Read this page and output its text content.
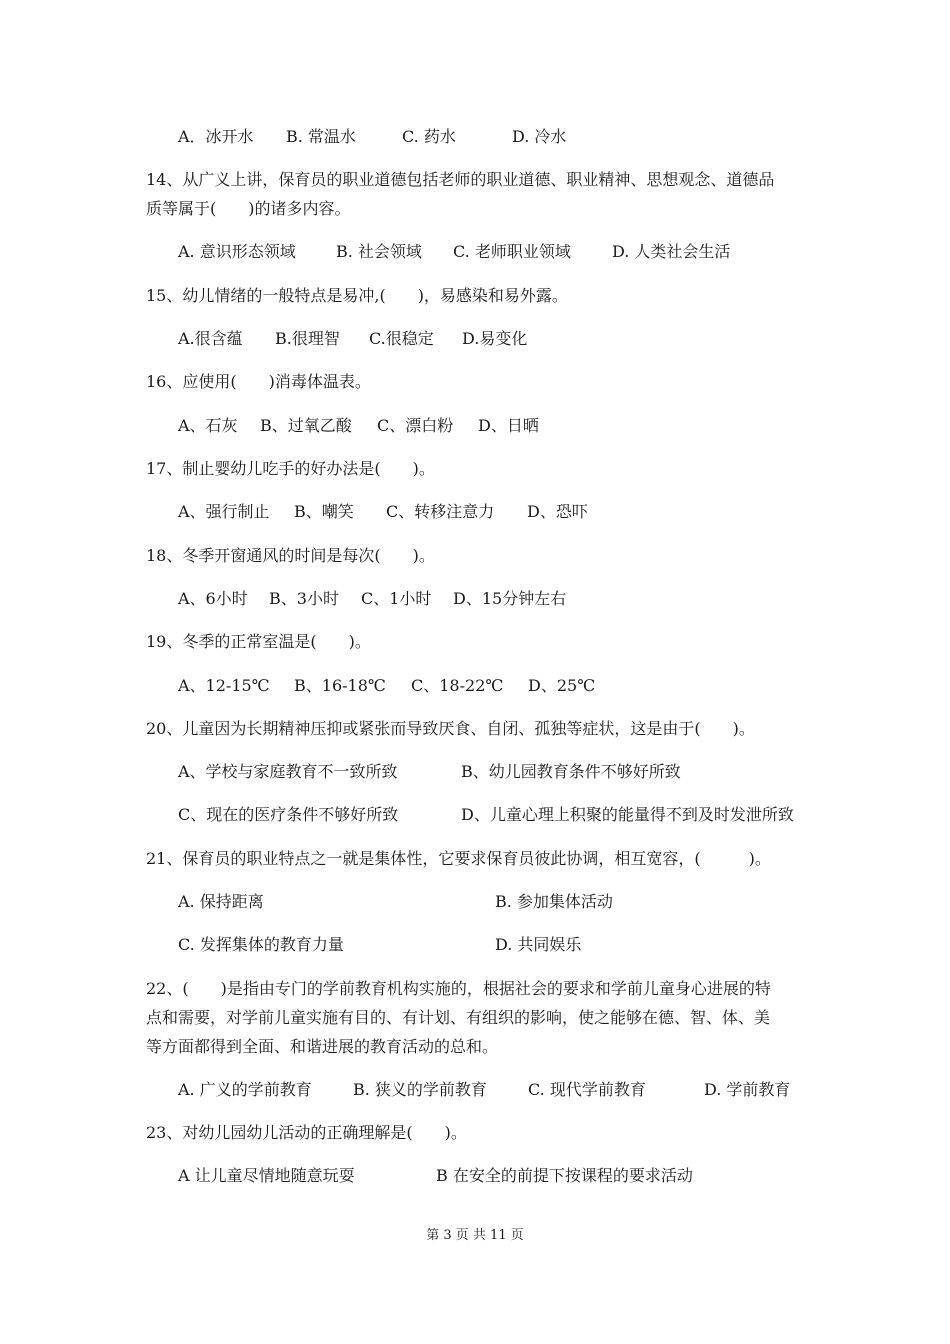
A．冰开水 B. 常温水	C. 药水	D. 冷水
14、从广义上讲，保育员的职业道德包括老师的职业道德、职业精神、思想观念、道德品
质等属于(　　)的诸多内容。
A. 意识形态领域	B. 社会领域 C. 老师职业领域	D. 人类社会生活
15、幼儿情绪的一般特点是易冲,(　　)，易感染和易外露。
A.很含蕴 B.很理智 C.很稳定 D.易变化
16、应使用(　　)消毒体温表。
A、石灰 B、过氧乙酸 C、漂白粉 D、日晒
17、制止婴幼儿吃手的好办法是(　　)。
A、强行制止 B、嘲笑 C、转移注意力 D、恐吓
18、冬季开窗通风的时间是每次(　　)。
A、6小时 B、3小时 C、1小时 D、15分钟左右
19、冬季的正常室温是(　　)。
A、12-15℃ B、16-18℃ C、18-22℃ D、25℃
20、儿童因为长期精神压抑或紧张而导致厌食、自闭、孤独等症状，这是由于(　　)。
A、学校与家庭教育不一致所致	B、幼儿园教育条件不够好所致
C、现在的医疗条件不够好所致	D、儿童心理上积聚的能量得不到及时发泄所致
21、保育员的职业特点之一就是集体性，它要求保育员彼此协调，相互宽容，(　　　)。
A. 保持距离	B. 参加集体活动
C. 发挥集体的教育力量	D. 共同娱乐
22、(　　)是指由专门的学前教育机构实施的，根据社会的要求和学前儿童身心进展的特
点和需要，对学前儿童实施有目的、有计划、有组织的影响，使之能够在德、智、体、美
等方面都得到全面、和谐进展的教育活动的总和。
A. 广义的学前教育	B. 狭义的学前教育	C. 现代学前教育	D. 学前教育
23、对幼儿园幼儿活动的正确理解是(　　)。
A 让儿童尽情地随意玩耍	B 在安全的前提下按课程的要求活动
第 3 页 共 11 页
